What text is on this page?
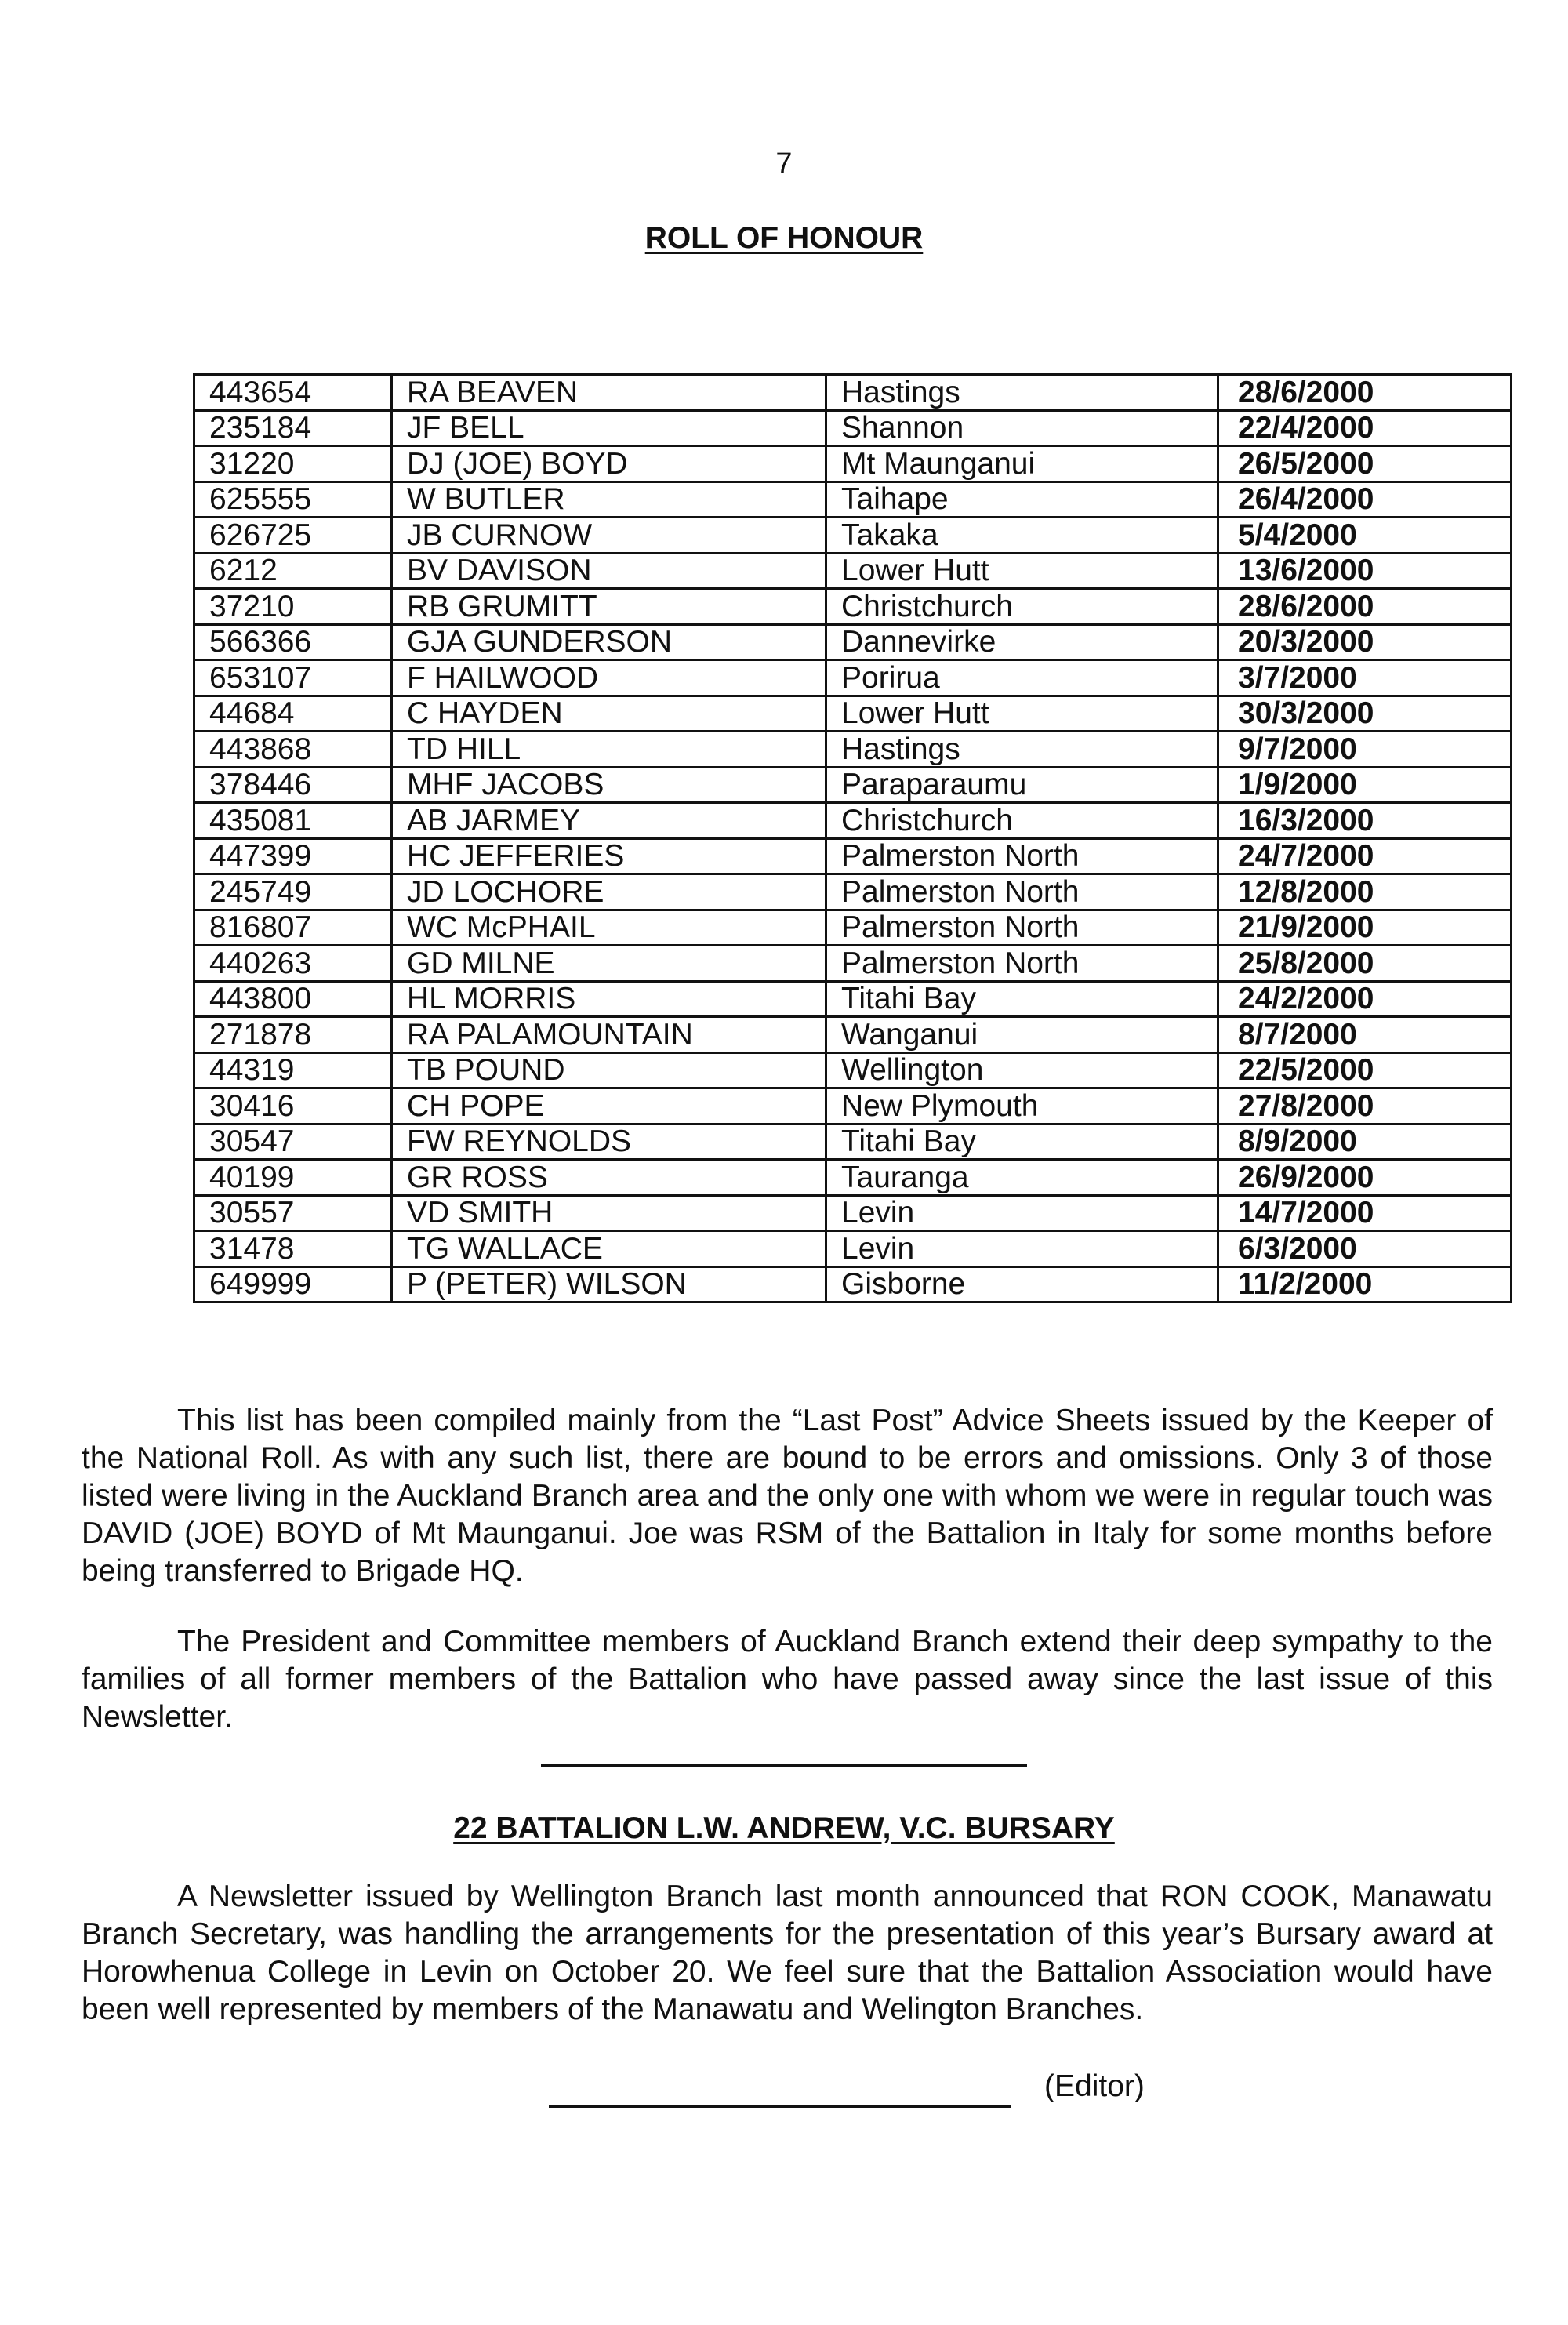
7
ROLL OF HONOUR
443654	RA BEAVEN	Hastings	28/6/2000
235184	JF BELL	Shannon	22/4/2000
31220	DJ (JOE) BOYD	Mt Maunganui	26/5/2000
625555	W BUTLER	Taihape	26/4/2000
626725	JB CURNOW	Takaka	5/4/2000
6212	BV DAVISON	Lower Hutt	13/6/2000
37210	RB GRUMITT	Christchurch	28/6/2000
566366	GJA GUNDERSON	Dannevirke	20/3/2000
653107	F HAILWOOD	Porirua	3/7/2000
44684	C HAYDEN	Lower Hutt	30/3/2000
443868	TD HILL	Hastings	9/7/2000
378446	MHF JACOBS	Paraparaumu	1/9/2000
435081	AB JARMEY	Christchurch	16/3/2000
447399	HC JEFFERIES	Palmerston North	24/7/2000
245749	JD LOCHORE	Palmerston North	12/8/2000
816807	WC McPHAIL	Palmerston North	21/9/2000
440263	GD MILNE	Palmerston North	25/8/2000
443800	HL MORRIS	Titahi Bay	24/2/2000
271878	RA PALAMOUNTAIN	Wanganui	8/7/2000
44319	TB POUND	Wellington	22/5/2000
30416	CH POPE	New Plymouth	27/8/2000
30547	FW REYNOLDS	Titahi Bay	8/9/2000
40199	GR ROSS	Tauranga	26/9/2000
30557	VD SMITH	Levin	14/7/2000
31478	TG WALLACE	Levin	6/3/2000
649999	P (PETER) WILSON	Gisborne	11/2/2000

This list has been compiled mainly from the “Last Post” Advice Sheets issued by the Keeper of the National Roll. As with any such list, there are bound to be errors and omissions. Only 3 of those listed were living in the Auckland Branch area and the only one with whom we were in regular touch was DAVID (JOE) BOYD of Mt Maunganui. Joe was RSM of the Battalion in Italy for some months before being transferred to Brigade HQ.

The President and Committee members of Auckland Branch extend their deep sympathy to the families of all former members of the Battalion who have passed away since the last issue of this Newsletter.

22 BATTALION L.W. ANDREW, V.C. BURSARY

A Newsletter issued by Wellington Branch last month announced that RON COOK, Manawatu Branch Secretary, was handling the arrangements for the presentation of this year’s Bursary award at Horowhenua College in Levin on October 20. We feel sure that the Battalion Association would have been well represented by members of the Manawatu and Welington Branches.

(Editor)
